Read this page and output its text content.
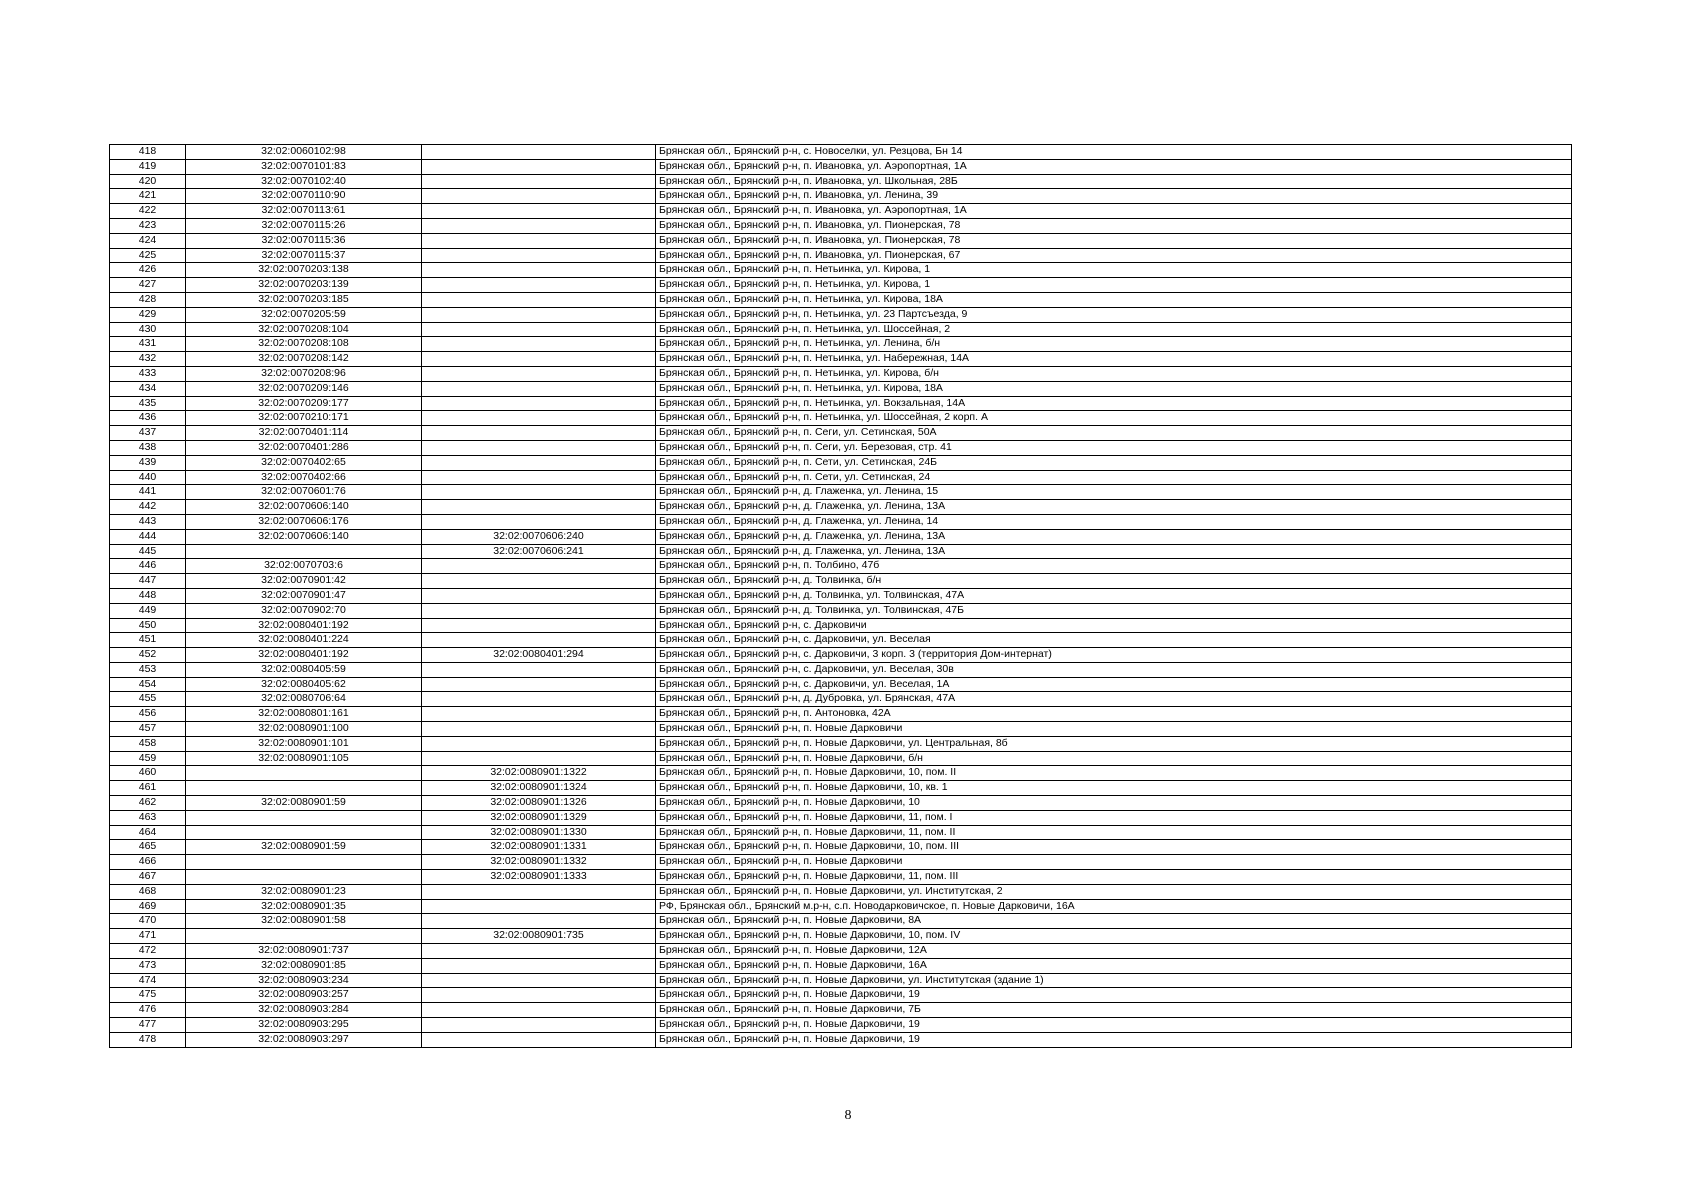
418	32:02:0060102:98		Брянская обл., Брянский р-н, с. Новоселки, ул. Резцова, Бн 14
419	32:02:0070101:83		Брянская обл., Брянский р-н, п. Ивановка, ул. Аэропортная, 1А
420	32:02:0070102:40		Брянская обл., Брянский р-н, п. Ивановка, ул. Школьная, 28Б
421	32:02:0070110:90		Брянская обл., Брянский р-н, п. Ивановка, ул. Ленина, 39
422	32:02:0070113:61		Брянская обл., Брянский р-н, п. Ивановка, ул. Аэропортная, 1А
423	32:02:0070115:26		Брянская обл., Брянский р-н, п. Ивановка, ул. Пионерская, 78
424	32:02:0070115:36		Брянская обл., Брянский р-н, п. Ивановка, ул. Пионерская, 78
425	32:02:0070115:37		Брянская обл., Брянский р-н, п. Ивановка, ул. Пионерская, 67
426	32:02:0070203:138		Брянская обл., Брянский р-н, п. Нетьинка, ул. Кирова, 1
427	32:02:0070203:139		Брянская обл., Брянский р-н, п. Нетьинка, ул. Кирова, 1
428	32:02:0070203:185		Брянская обл., Брянский р-н, п. Нетьинка, ул. Кирова, 18А
429	32:02:0070205:59		Брянская обл., Брянский р-н, п. Нетьинка, ул. 23 Партсъезда, 9
430	32:02:0070208:104		Брянская обл., Брянский р-н, п. Нетьинка, ул. Шоссейная, 2
431	32:02:0070208:108		Брянская обл., Брянский р-н, п. Нетьинка, ул. Ленина, б/н
432	32:02:0070208:142		Брянская обл., Брянский р-н, п. Нетьинка, ул. Набережная, 14А
433	32:02:0070208:96		Брянская обл., Брянский р-н, п. Нетьинка, ул. Кирова, б/н
434	32:02:0070209:146		Брянская обл., Брянский р-н, п. Нетьинка, ул. Кирова, 18А
435	32:02:0070209:177		Брянская обл., Брянский р-н, п. Нетьинка, ул. Вокзальная, 14А
436	32:02:0070210:171		Брянская обл., Брянский р-н, п. Нетьинка, ул. Шоссейная, 2 корп. А
437	32:02:0070401:114		Брянская обл., Брянский р-н, п. Сеги, ул. Сетинская, 50А
438	32:02:0070401:286		Брянская обл., Брянский р-н, п. Сеги, ул. Березовая, стр. 41
439	32:02:0070402:65		Брянская обл., Брянский р-н, п. Сети, ул. Сетинская, 24Б
440	32:02:0070402:66		Брянская обл., Брянский р-н, п. Сети, ул. Сетинская, 24
441	32:02:0070601:76		Брянская обл., Брянский р-н, д. Глаженка, ул. Ленина, 15
442	32:02:0070606:140		Брянская обл., Брянский р-н, д. Глаженка, ул. Ленина, 13А
443	32:02:0070606:176		Брянская обл., Брянский р-н, д. Глаженка, ул. Ленина, 14
444	32:02:0070606:140	32:02:0070606:240	Брянская обл., Брянский р-н, д. Глаженка, ул. Ленина, 13А
445		32:02:0070606:241	Брянская обл., Брянский р-н, д. Глаженка, ул. Ленина, 13А
446	32:02:0070703:6		Брянская обл., Брянский р-н, п. Толбино, 47б
447	32:02:0070901:42		Брянская обл., Брянский р-н, д. Толвинка, б/н
448	32:02:0070901:47		Брянская обл., Брянский р-н, д. Толвинка, ул. Толвинская, 47А
449	32:02:0070902:70		Брянская обл., Брянский р-н, д. Толвинка, ул. Толвинская, 47Б
450	32:02:0080401:192		Брянская обл., Брянский р-н, с. Дарковичи
451	32:02:0080401:224		Брянская обл., Брянский р-н, с. Дарковичи, ул. Веселая
452	32:02:0080401:192	32:02:0080401:294	Брянская обл., Брянский р-н, с. Дарковичи, 3 корп. 3 (территория Дом-интернат)
453	32:02:0080405:59		Брянская обл., Брянский р-н, с. Дарковичи, ул. Веселая, 30в
454	32:02:0080405:62		Брянская обл., Брянский р-н, с. Дарковичи, ул. Веселая, 1А
455	32:02:0080706:64		Брянская обл., Брянский р-н, д. Дубровка, ул. Брянская, 47А
456	32:02:0080801:161		Брянская обл., Брянский р-н, п. Антоновка, 42А
457	32:02:0080901:100		Брянская обл., Брянский р-н, п. Новые Дарковичи
458	32:02:0080901:101		Брянская обл., Брянский р-н, п. Новые Дарковичи, ул. Центральная, 8б
459	32:02:0080901:105		Брянская обл., Брянский р-н, п. Новые Дарковичи, б/н
460		32:02:0080901:1322	Брянская обл., Брянский р-н, п. Новые Дарковичи, 10, пом. II
461		32:02:0080901:1324	Брянская обл., Брянский р-н, п. Новые Дарковичи, 10, кв. 1
462	32:02:0080901:59	32:02:0080901:1326	Брянская обл., Брянский р-н, п. Новые Дарковичи, 10
463		32:02:0080901:1329	Брянская обл., Брянский р-н, п. Новые Дарковичи, 11, пом. I
464		32:02:0080901:1330	Брянская обл., Брянский р-н, п. Новые Дарковичи, 11, пом. II
465	32:02:0080901:59	32:02:0080901:1331	Брянская обл., Брянский р-н, п. Новые Дарковичи, 10, пом. III
466		32:02:0080901:1332	Брянская обл., Брянский р-н, п. Новые Дарковичи
467		32:02:0080901:1333	Брянская обл., Брянский р-н, п. Новые Дарковичи, 11, пом. III
468	32:02:0080901:23		Брянская обл., Брянский р-н, п. Новые Дарковичи, ул. Институтская, 2
469	32:02:0080901:35		РФ, Брянская обл., Брянский м.р-н, с.п. Новодарковичское, п. Новые Дарковичи, 16А
470	32:02:0080901:58		Брянская обл., Брянский р-н, п. Новые Дарковичи, 8А
471		32:02:0080901:735	Брянская обл., Брянский р-н, п. Новые Дарковичи, 10, пом. IV
472	32:02:0080901:737		Брянская обл., Брянский р-н, п. Новые Дарковичи, 12А
473	32:02:0080901:85		Брянская обл., Брянский р-н, п. Новые Дарковичи, 16А
474	32:02:0080903:234		Брянская обл., Брянский р-н, п. Новые Дарковичи, ул. Институтская (здание 1)
475	32:02:0080903:257		Брянская обл., Брянский р-н, п. Новые Дарковичи, 19
476	32:02:0080903:284		Брянская обл., Брянский р-н, п. Новые Дарковичи, 7Б
477	32:02:0080903:295		Брянская обл., Брянский р-н, п. Новые Дарковичи, 19
478	32:02:0080903:297		Брянская обл., Брянский р-н, п. Новые Дарковичи, 19
8
